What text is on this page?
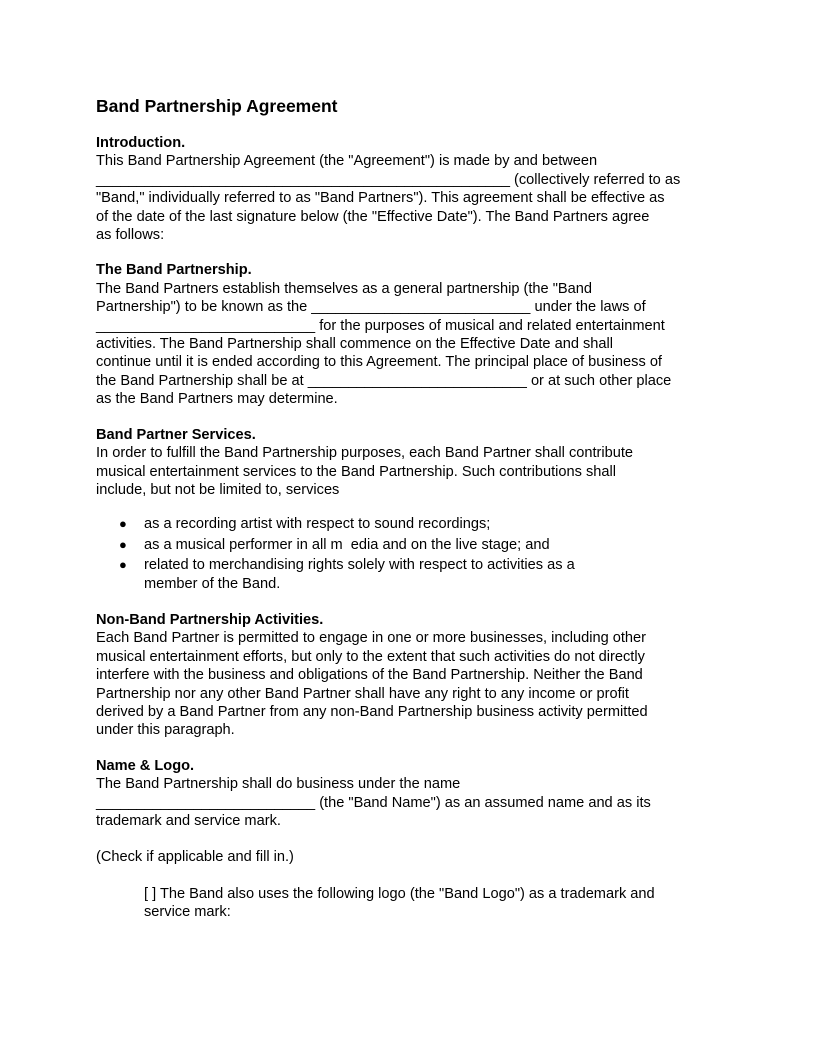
Band Partnership Agreement
Introduction.
This Band Partnership Agreement (the "Agreement") is made by and between
___________________________________________________ (collectively referred to as
"Band," individually referred to as "Band Partners"). This agreement shall be effective as
of the date of the last signature below (the "Effective Date"). The Band Partners agree
as follows:
The Band Partnership.
The Band Partners establish themselves as a general partnership (the "Band
Partnership") to be known as the ___________________________ under the laws of
___________________________ for the purposes of musical and related entertainment
activities. The Band Partnership shall commence on the Effective Date and shall
continue until it is ended according to this Agreement. The principal place of business of
the Band Partnership shall be at ___________________________ or at such other place
as the Band Partners may determine.
Band Partner Services.
In order to fulfill the Band Partnership purposes, each Band Partner shall contribute
musical entertainment services to the Band Partnership. Such contributions shall
include, but not be limited to, services
● as a recording artist with respect to sound recordings;
● as a musical performer in all m  edia and on the live stage; and
● related to merchandising rights solely with respect to activities as a
member of the Band.
Non-Band Partnership Activities.
Each Band Partner is permitted to engage in one or more businesses, including other
musical entertainment efforts, but only to the extent that such activities do not directly
interfere with the business and obligations of the Band Partnership. Neither the Band
Partnership nor any other Band Partner shall have any right to any income or profit
derived by a Band Partner from any non-Band Partnership business activity permitted
under this paragraph.
Name & Logo.
The Band Partnership shall do business under the name
___________________________ (the "Band Name") as an assumed name and as its
trademark and service mark.
(Check if applicable and fill in.)
[ ] The Band also uses the following logo (the "Band Logo") as a trademark and
service mark:
